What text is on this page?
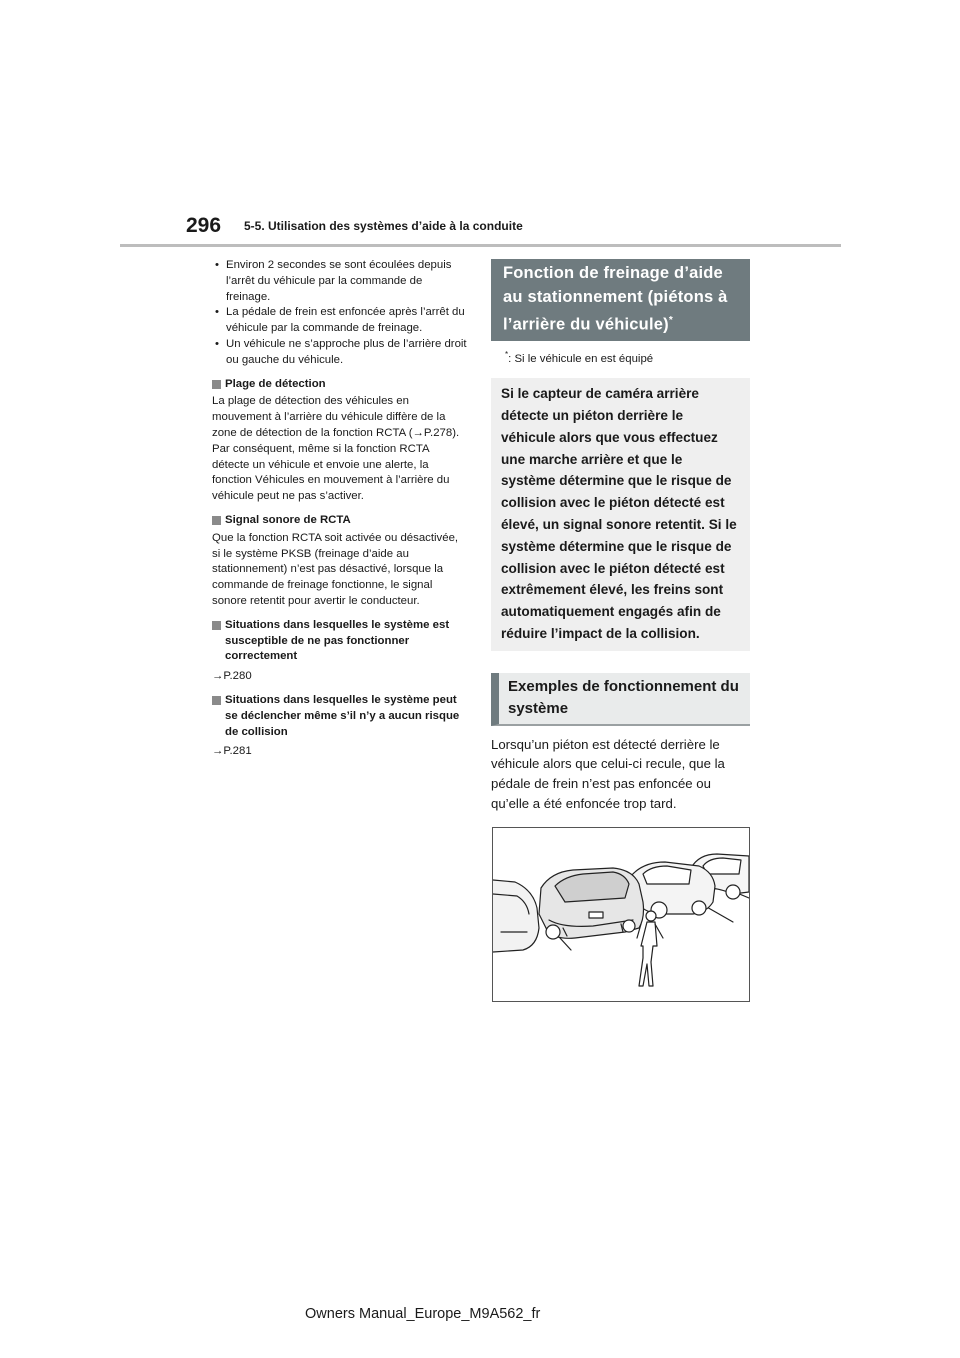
296 5-5. Utilisation des systèmes d’aide à la conduite
• Environ 2 secondes se sont écoulées depuis l’arrêt du véhicule par la commande de freinage.
• La pédale de frein est enfoncée après l’arrêt du véhicule par la commande de freinage.
• Un véhicule ne s’approche plus de l’arrière droit ou gauche du véhicule.
Plage de détection

La plage de détection des véhicules en mouvement à l’arrière du véhicule diffère de la zone de détection de la fonction RCTA (→P.278). Par conséquent, même si la fonction RCTA détecte un véhicule et envoie une alerte, la fonction Véhicules en mouvement à l’arrière du véhicule peut ne pas s’activer.

Signal sonore de RCTA

Que la fonction RCTA soit activée ou désactivée, si le système PKSB (freinage d’aide au stationnement) n’est pas désactivé, lorsque la commande de freinage fonctionne, le signal sonore retentit pour avertir le conducteur.

Situations dans lesquelles le système est susceptible de ne pas fonctionner correctement

→P.280

Situations dans lesquelles le système peut se déclencher même s’il n’y a aucun risque de collision

→P.281

Fonction de freinage d’aide au stationnement (piétons à l’arrière du véhicule)*
*: Si le véhicule en est équipé
Si le capteur de caméra arrière détecte un piéton derrière le véhicule alors que vous effectuez une marche arrière et que le système détermine que le risque de collision avec le piéton détecté est élevé, un signal sonore retentit. Si le système détermine que le risque de collision avec le piéton détecté est extrêmement élevé, les freins sont automatiquement engagés afin de réduire l’impact de la collision.
Exemples de fonctionnement du système
Lorsqu’un piéton est détecté derrière le véhicule alors que celui-ci recule, que la pédale de frein n’est pas enfoncée ou qu’elle a été enfoncée trop tard.
Owners Manual_Europe_M9A562_fr
